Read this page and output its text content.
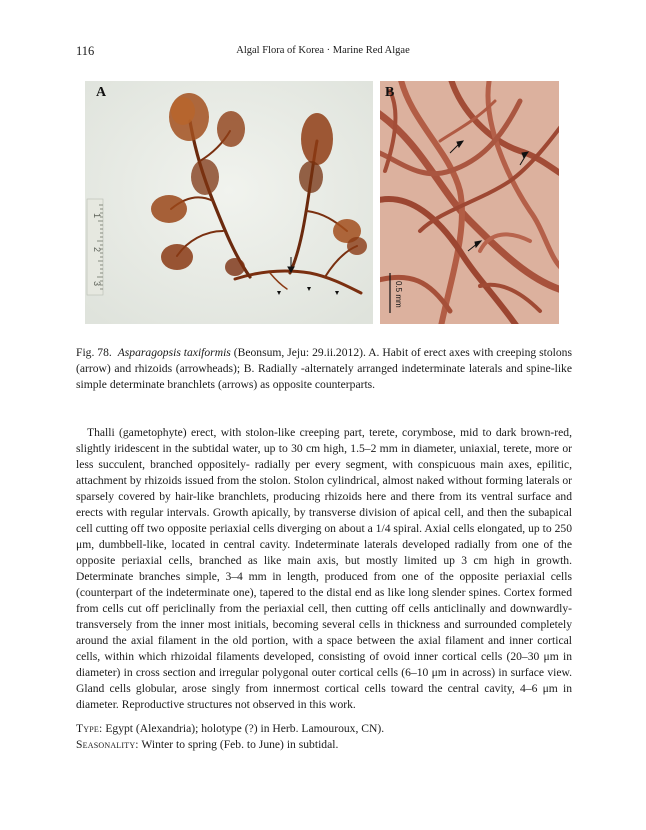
116	Algal Flora of Korea · Marine Red Algae
1
2
3
A
0.5 mm
B
Fig. 78. Asparagopsis taxiformis (Beonsum, Jeju: 29.ii.2012). A. Habit of erect axes with creeping stolons (arrow) and rhizoids (arrowheads); B. Radially -alternately arranged indeterminate laterals and spine-like simple determinate branchlets (arrows) as opposite counterparts.

Thalli (gametophyte) erect, with stolon-like creeping part, terete, corymbose, mid to dark brown-red, slightly iridescent in the subtidal water, up to 30 cm high, 1.5–2 mm in diameter, uniaxial, terete, more or less succulent, branched oppositely- radially per every segment, with conspicuous main axes, epilitic, attachment by rhizoids issued from the stolon. Stolon cylindrical, almost naked without forming laterals or sparsely covered by hair-like branchlets, producing rhizoids here and there from its ventral surface and erects with regular intervals. Growth apically, by transverse division of apical cell, and then the subapical cell cutting off two opposite periaxial cells diverging on about a 1/4 spiral. Axial cells elongated, up to 250 μm, dumbbell-like, located in central cavity. Indeterminate laterals developed radially from one of the opposite periaxial cells, branched as like main axis, but mostly limited up 3 cm high in growth. Determinate branches simple, 3–4 mm in length, produced from one of the opposite periaxial cells (counterpart of the indeterminate one), tapered to the distal end as like long slender spines. Cortex formed from cells cut off periclinally from the periaxial cell, then cutting off cells anticlinally and downwardly- transversely from the inner most initials, becoming several cells in thickness and surrounded completely around the axial filament in the old portion, with a space between the axial filament and inner cortical cells, within which rhizoidal filaments developed, consisting of ovoid inner cortical cells (20–30 μm in diameter) in cross section and irregular polygonal outer cortical cells (6–10 μm in across) in surface view. Gland cells globular, arose singly from innermost cortical cells toward the central cavity, 4–6 μm in diameter. Reproductive structures not observed in this work.

Type: Egypt (Alexandria); holotype (?) in Herb. Lamouroux, CN).
Seasonality: Winter to spring (Feb. to June) in subtidal.
